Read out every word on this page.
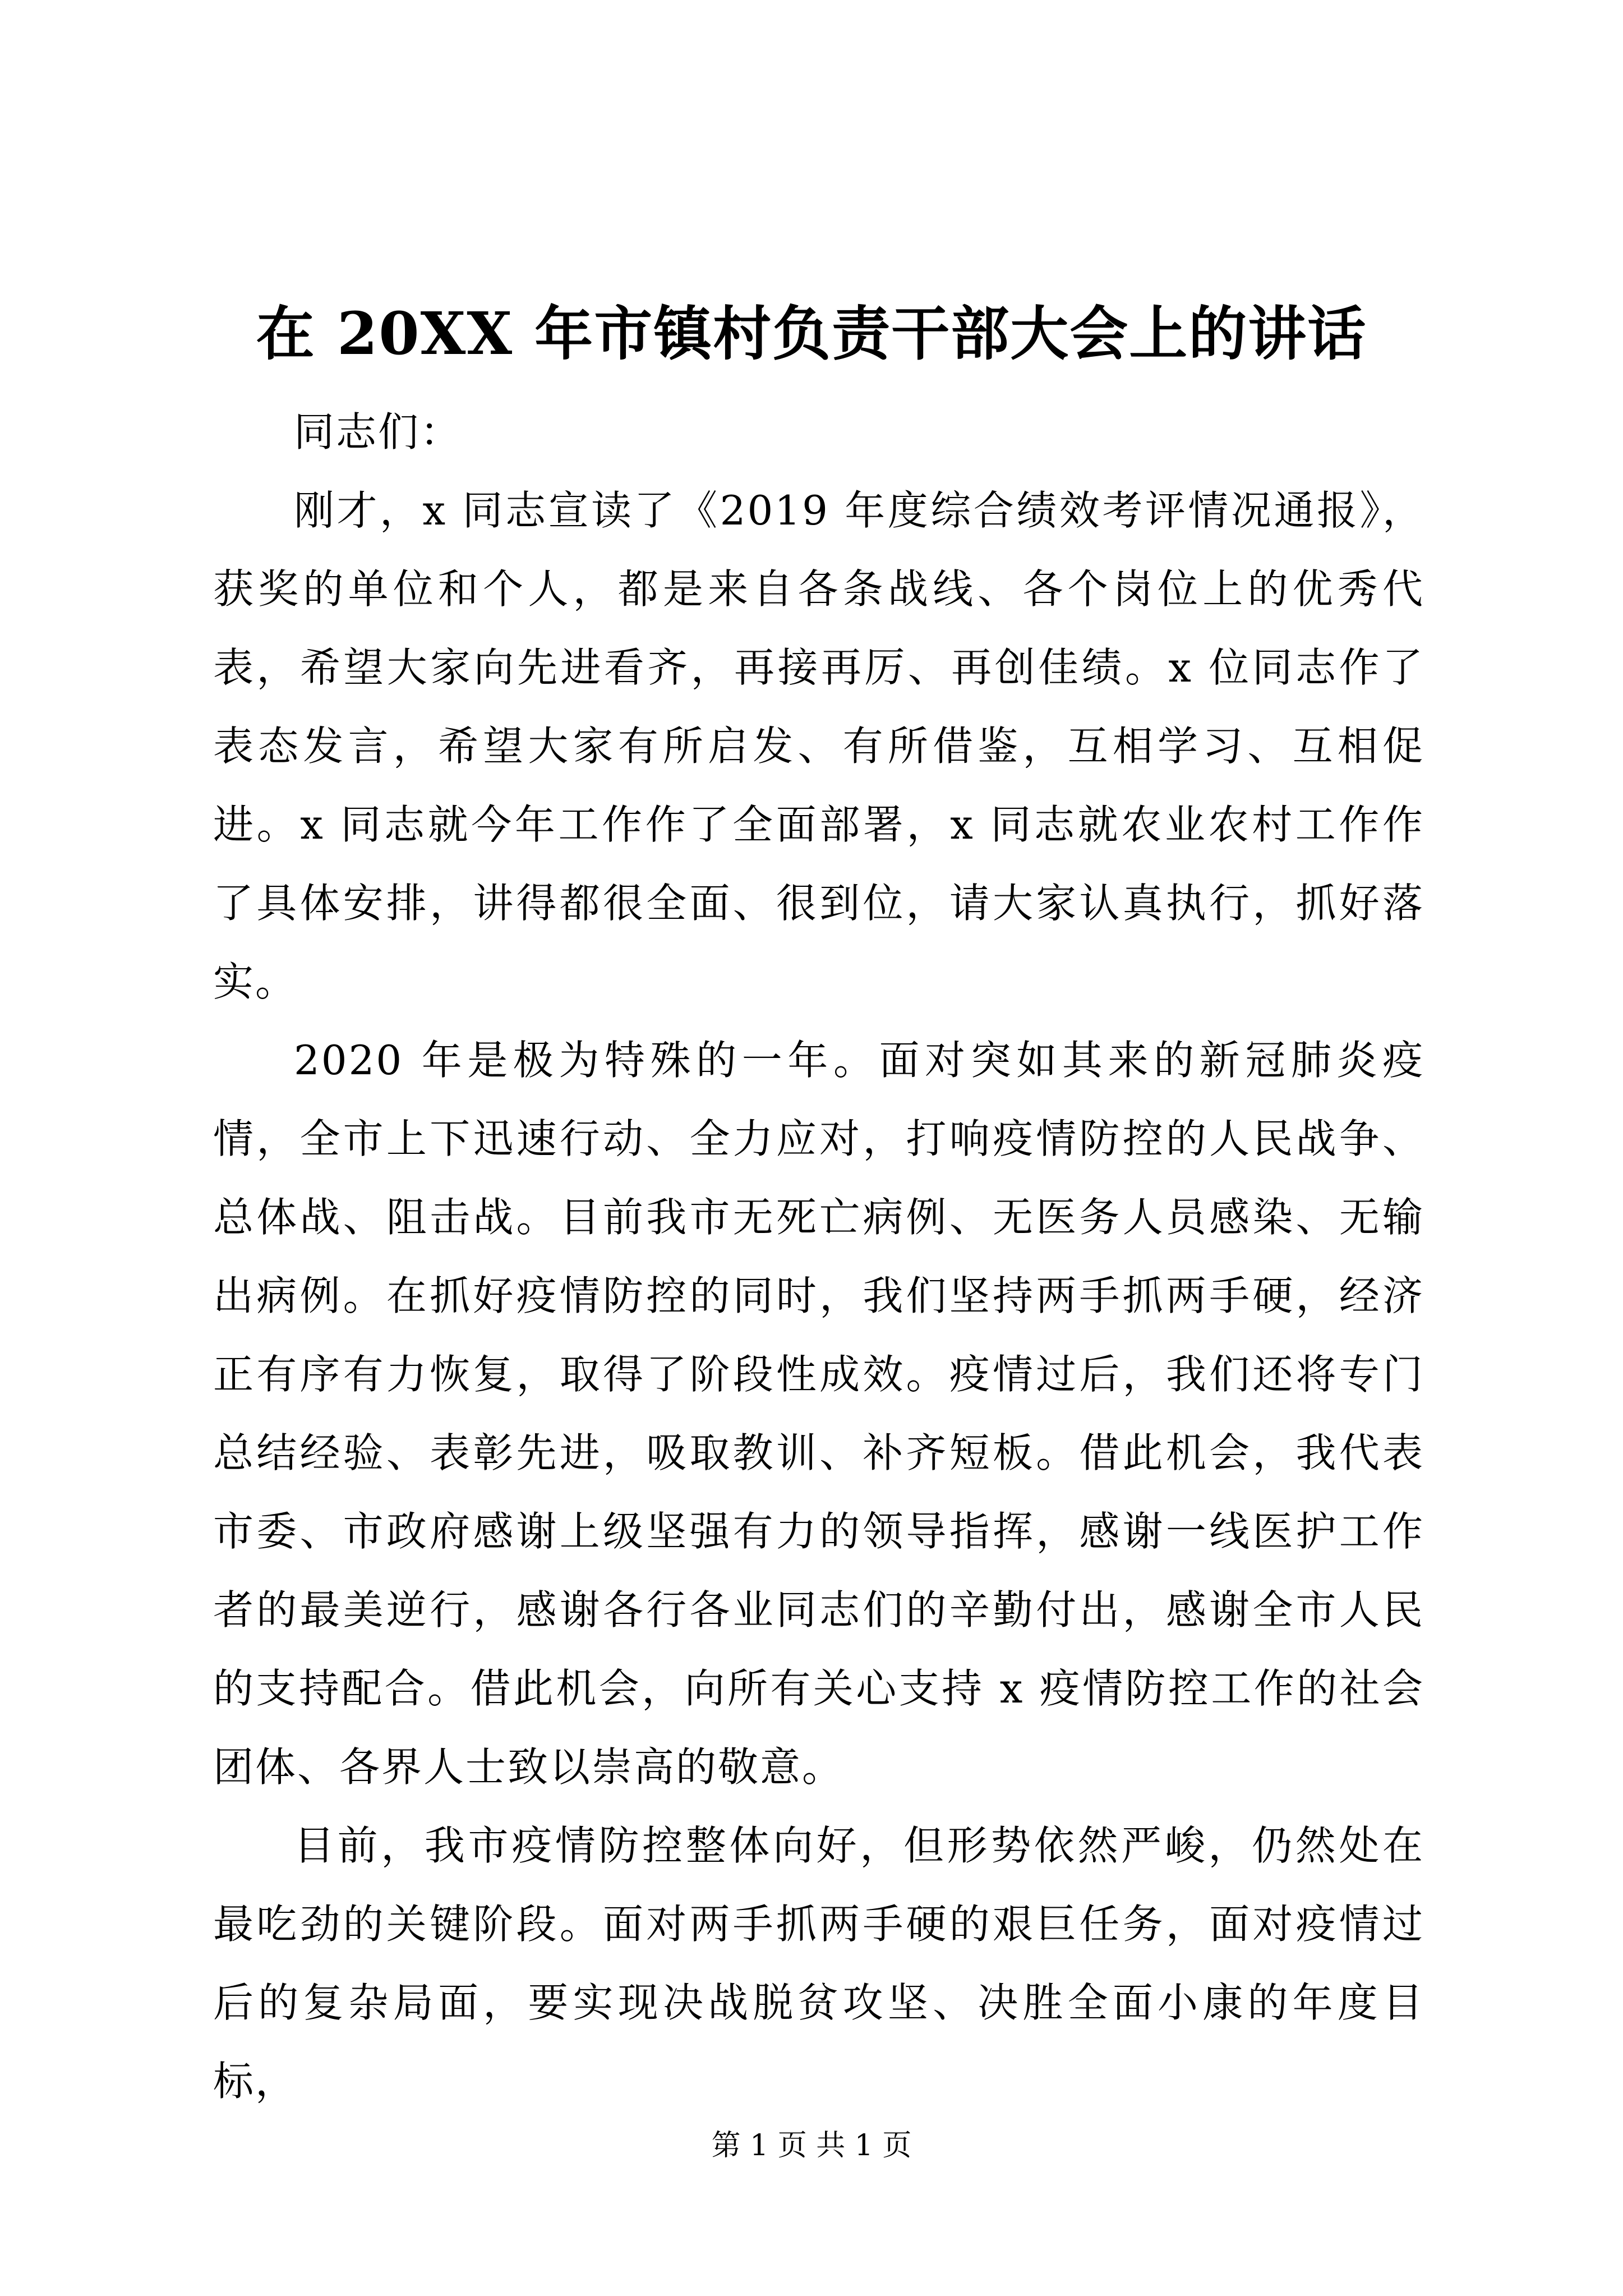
在 20XX 年市镇村负责干部大会上的讲话

同志们：

刚才，x 同志宣读了《2019 年度综合绩效考评情况通报》，获奖的单位和个人，都是来自各条战线、各个岗位上的优秀代表，希望大家向先进看齐，再接再厉、再创佳绩。x 位同志作了表态发言，希望大家有所启发、有所借鉴，互相学习、互相促进。x 同志就今年工作作了全面部署，x 同志就农业农村工作作了具体安排，讲得都很全面、很到位，请大家认真执行，抓好落实。

2020 年是极为特殊的一年。面对突如其来的新冠肺炎疫情，全市上下迅速行动、全力应对，打响疫情防控的人民战争、总体战、阻击战。目前我市无死亡病例、无医务人员感染、无输出病例。在抓好疫情防控的同时，我们坚持两手抓两手硬，经济正有序有力恢复，取得了阶段性成效。疫情过后，我们还将专门总结经验、表彰先进，吸取教训、补齐短板。借此机会，我代表市委、市政府感谢上级坚强有力的领导指挥，感谢一线医护工作者的最美逆行，感谢各行各业同志们的辛勤付出，感谢全市人民的支持配合。借此机会，向所有关心支持 x 疫情防控工作的社会团体、各界人士致以崇高的敬意。

目前，我市疫情防控整体向好，但形势依然严峻，仍然处在最吃劲的关键阶段。面对两手抓两手硬的艰巨任务，面对疫情过后的复杂局面，要实现决战脱贫攻坚、决胜全面小康的年度目标，

第 1 页 共 1 页
